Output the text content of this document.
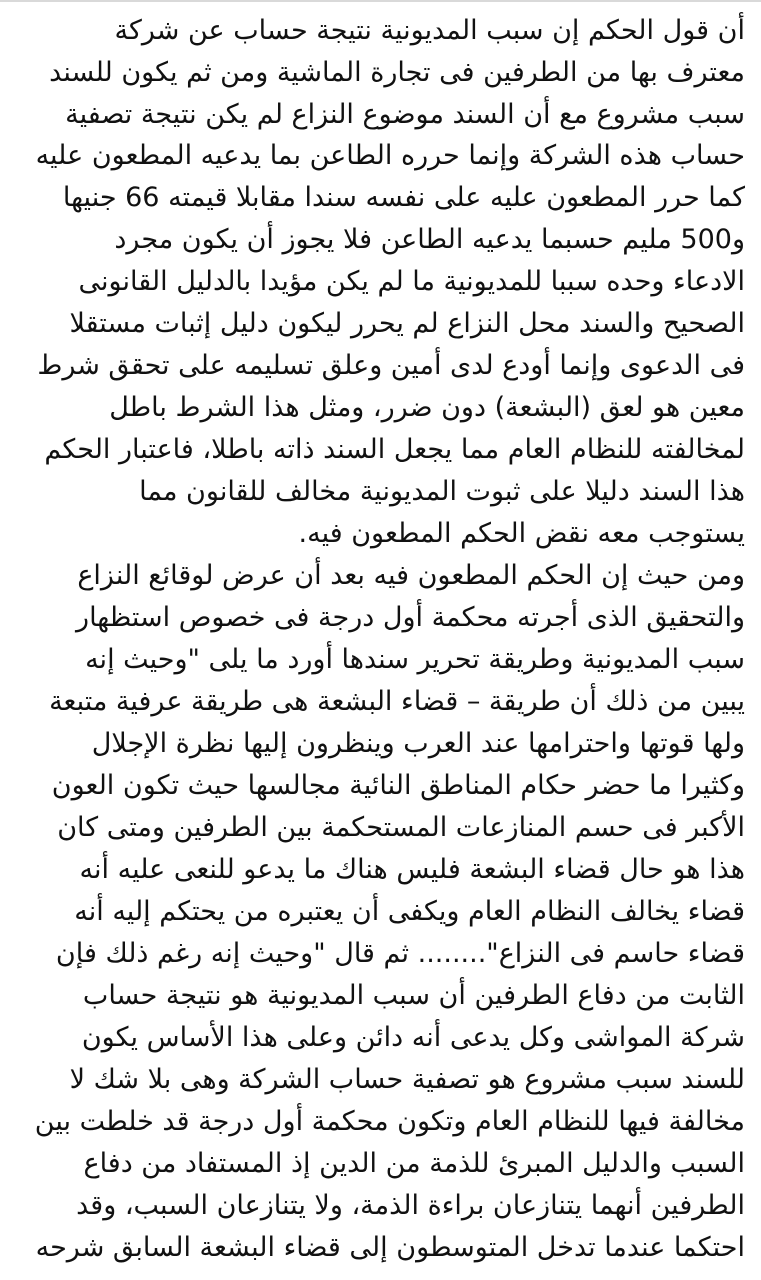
أن قول الحكم إن سبب المديونية نتيجة حساب عن شركة
معترف بها من الطرفين فى تجارة الماشية ومن ثم يكون للسند
سبب مشروع مع أن السند موضوع النزاع لم يكن نتيجة تصفية
حساب هذه الشركة وإنما حرره الطاعن بما يدعيه المطعون عليه
كما حرر المطعون عليه على نفسه سندا مقابلا قيمته 66 جنيها
و500 مليم حسبما يدعيه الطاعن فلا يجوز أن يكون مجرد
الادعاء وحده سببا للمديونية ما لم يكن مؤيدا بالدليل القانونى
الصحيح والسند محل النزاع لم يحرر ليكون دليل إثبات مستقلا
فى الدعوى وإنما أودع لدى أمين وعلق تسليمه على تحقق شرط
معين هو لعق (البشعة) دون ضرر، ومثل هذا الشرط باطل
لمخالفته للنظام العام مما يجعل السند ذاته باطلا، فاعتبار الحكم
هذا السند دليلا على ثبوت المديونية مخالف للقانون مما
يستوجب معه نقض الحكم المطعون فيه.
ومن حيث إن الحكم المطعون فيه بعد أن عرض لوقائع النزاع
والتحقيق الذى أجرته محكمة أول درجة فى خصوص استظهار
سبب المديونية وطريقة تحرير سندها أورد ما يلى "وحيث إنه
يبين من ذلك أن طريقة – قضاء البشعة هى طريقة عرفية متبعة
ولها قوتها واحترامها عند العرب وينظرون إليها نظرة الإجلال
وكثيرا ما حضر حكام المناطق النائية مجالسها حيث تكون العون
الأكبر فى حسم المنازعات المستحكمة بين الطرفين ومتى كان
هذا هو حال قضاء البشعة فليس هناك ما يدعو للنعى عليه أنه
قضاء يخالف النظام العام ويكفى أن يعتبره من يحتكم إليه أنه
قضاء حاسم فى النزاع"........ ثم قال "وحيث إنه رغم ذلك فإن
الثابت من دفاع الطرفين أن سبب المديونية هو نتيجة حساب
شركة المواشى وكل يدعى أنه دائن وعلى هذا الأساس يكون
للسند سبب مشروع هو تصفية حساب الشركة وهى بلا شك لا
مخالفة فيها للنظام العام وتكون محكمة أول درجة قد خلطت بين
السبب والدليل المبرئ للذمة من الدين إذ المستفاد من دفاع
الطرفين أنهما يتنازعان براءة الذمة، ولا يتنازعان السبب، وقد
احتكما عندما تدخل المتوسطون إلى قضاء البشعة السابق شرحه
